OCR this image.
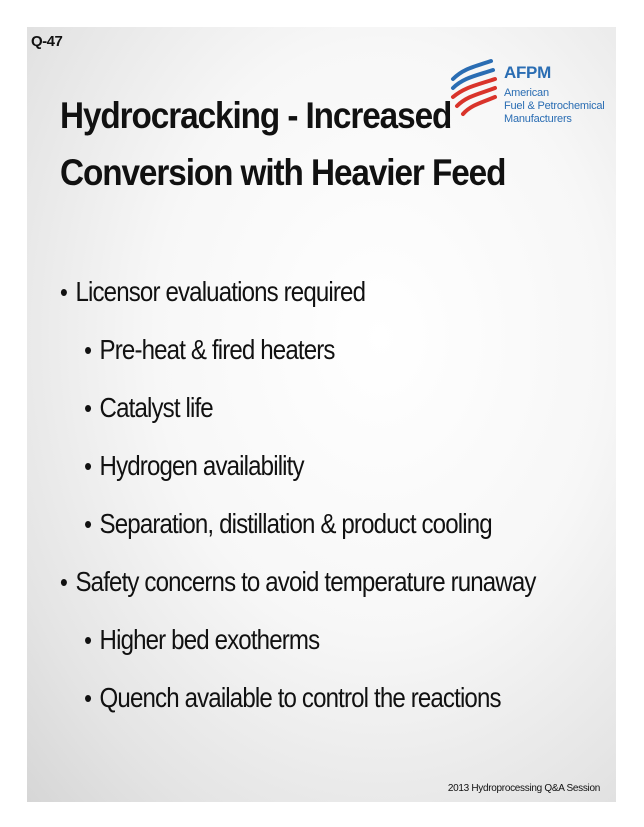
Q-47
Hydrocracking - Increased
Conversion with Heavier Feed
AFPM
American
Fuel & Petrochemical
Manufacturers
• Licensor evaluations required
• Pre-heat & fired heaters
• Catalyst life
• Hydrogen availability
• Separation, distillation & product cooling
• Safety concerns to avoid temperature runaway
• Higher bed exotherms
• Quench available to control the reactions
2013 Hydroprocessing Q&A Session
